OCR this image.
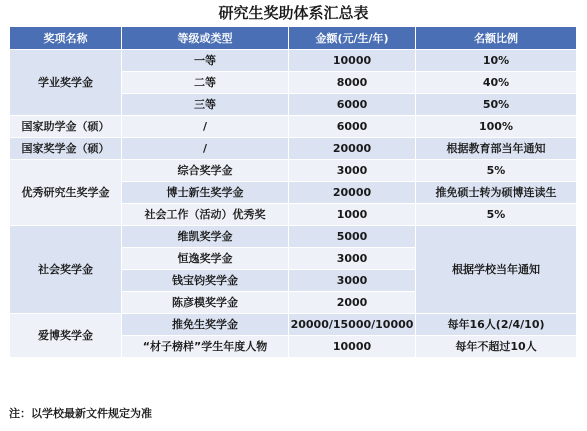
研究生奖助体系汇总表
奖项名称	等级或类型	金额(元/生/年)	名额比例
学业奖学金	一等	10000	10%
	二等	8000	40%
	三等	6000	50%
国家助学金（硕）	/	6000	100%
国家奖学金（硕）	/	20000	根据教育部当年通知
优秀研究生奖学金	综合奖学金	3000	5%
	博士新生奖学金	20000	推免硕士转为硕博连读生
	社会工作（活动）优秀奖	1000	5%
社会奖学金	维凯奖学金	5000	根据学校当年通知
	恒逸奖学金	3000	
	钱宝钧奖学金	3000	
	陈彦模奖学金	2000	
爱博奖学金	推免生奖学金	20000/15000/10000	每年16人(2/4/10)
	“材子榜样”学生年度人物	10000	每年不超过10人
注：以学校最新文件规定为准
